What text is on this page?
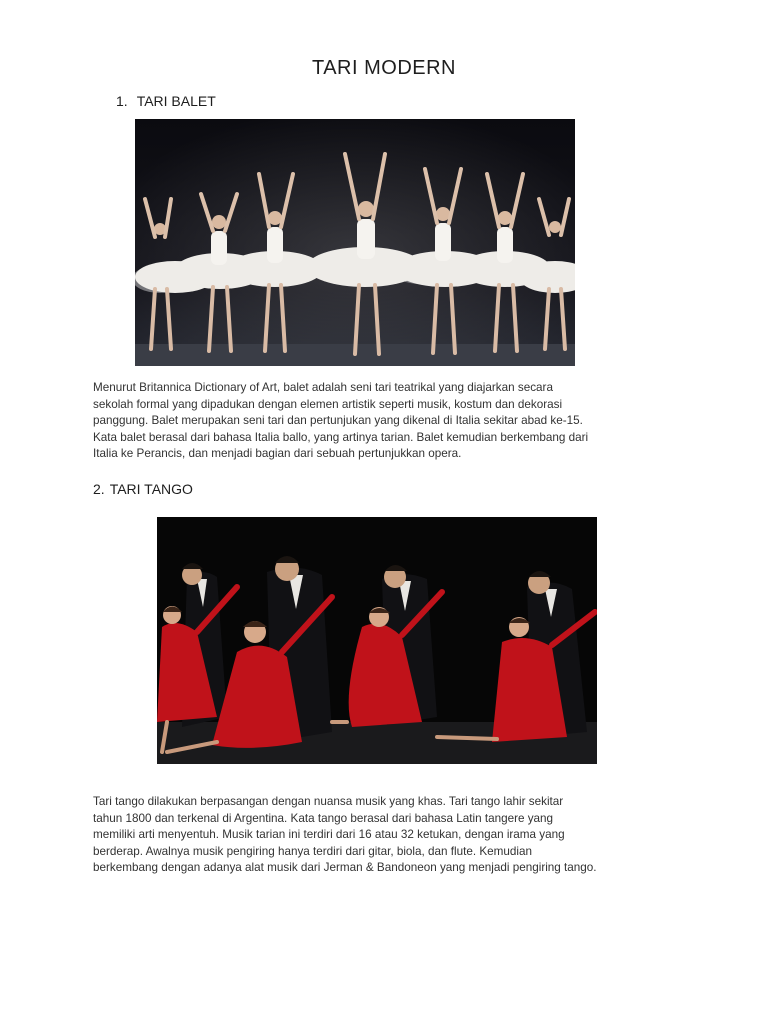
TARI MODERN
1. TARI BALET
Menurut Britannica Dictionary of Art, balet adalah seni tari teatrikal yang diajarkan secara
sekolah formal yang dipadukan dengan elemen artistik seperti musik, kostum dan dekorasi
panggung. Balet merupakan seni tari dan pertunjukan yang dikenal di Italia sekitar abad ke-15.
Kata balet berasal dari bahasa Italia ballo, yang artinya tarian. Balet kemudian berkembang dari
Italia ke Perancis, dan menjadi bagian dari sebuah pertunjukkan opera.
2. TARI TANGO
Tari tango dilakukan berpasangan dengan nuansa musik yang khas. Tari tango lahir sekitar
tahun 1800 dan terkenal di Argentina. Kata tango berasal dari bahasa Latin tangere yang
memiliki arti menyentuh. Musik tarian ini terdiri dari 16 atau 32 ketukan, dengan irama yang
berderap. Awalnya musik pengiring hanya terdiri dari gitar, biola, dan flute. Kemudian
berkembang dengan adanya alat musik dari Jerman & Bandoneon yang menjadi pengiring tango.
